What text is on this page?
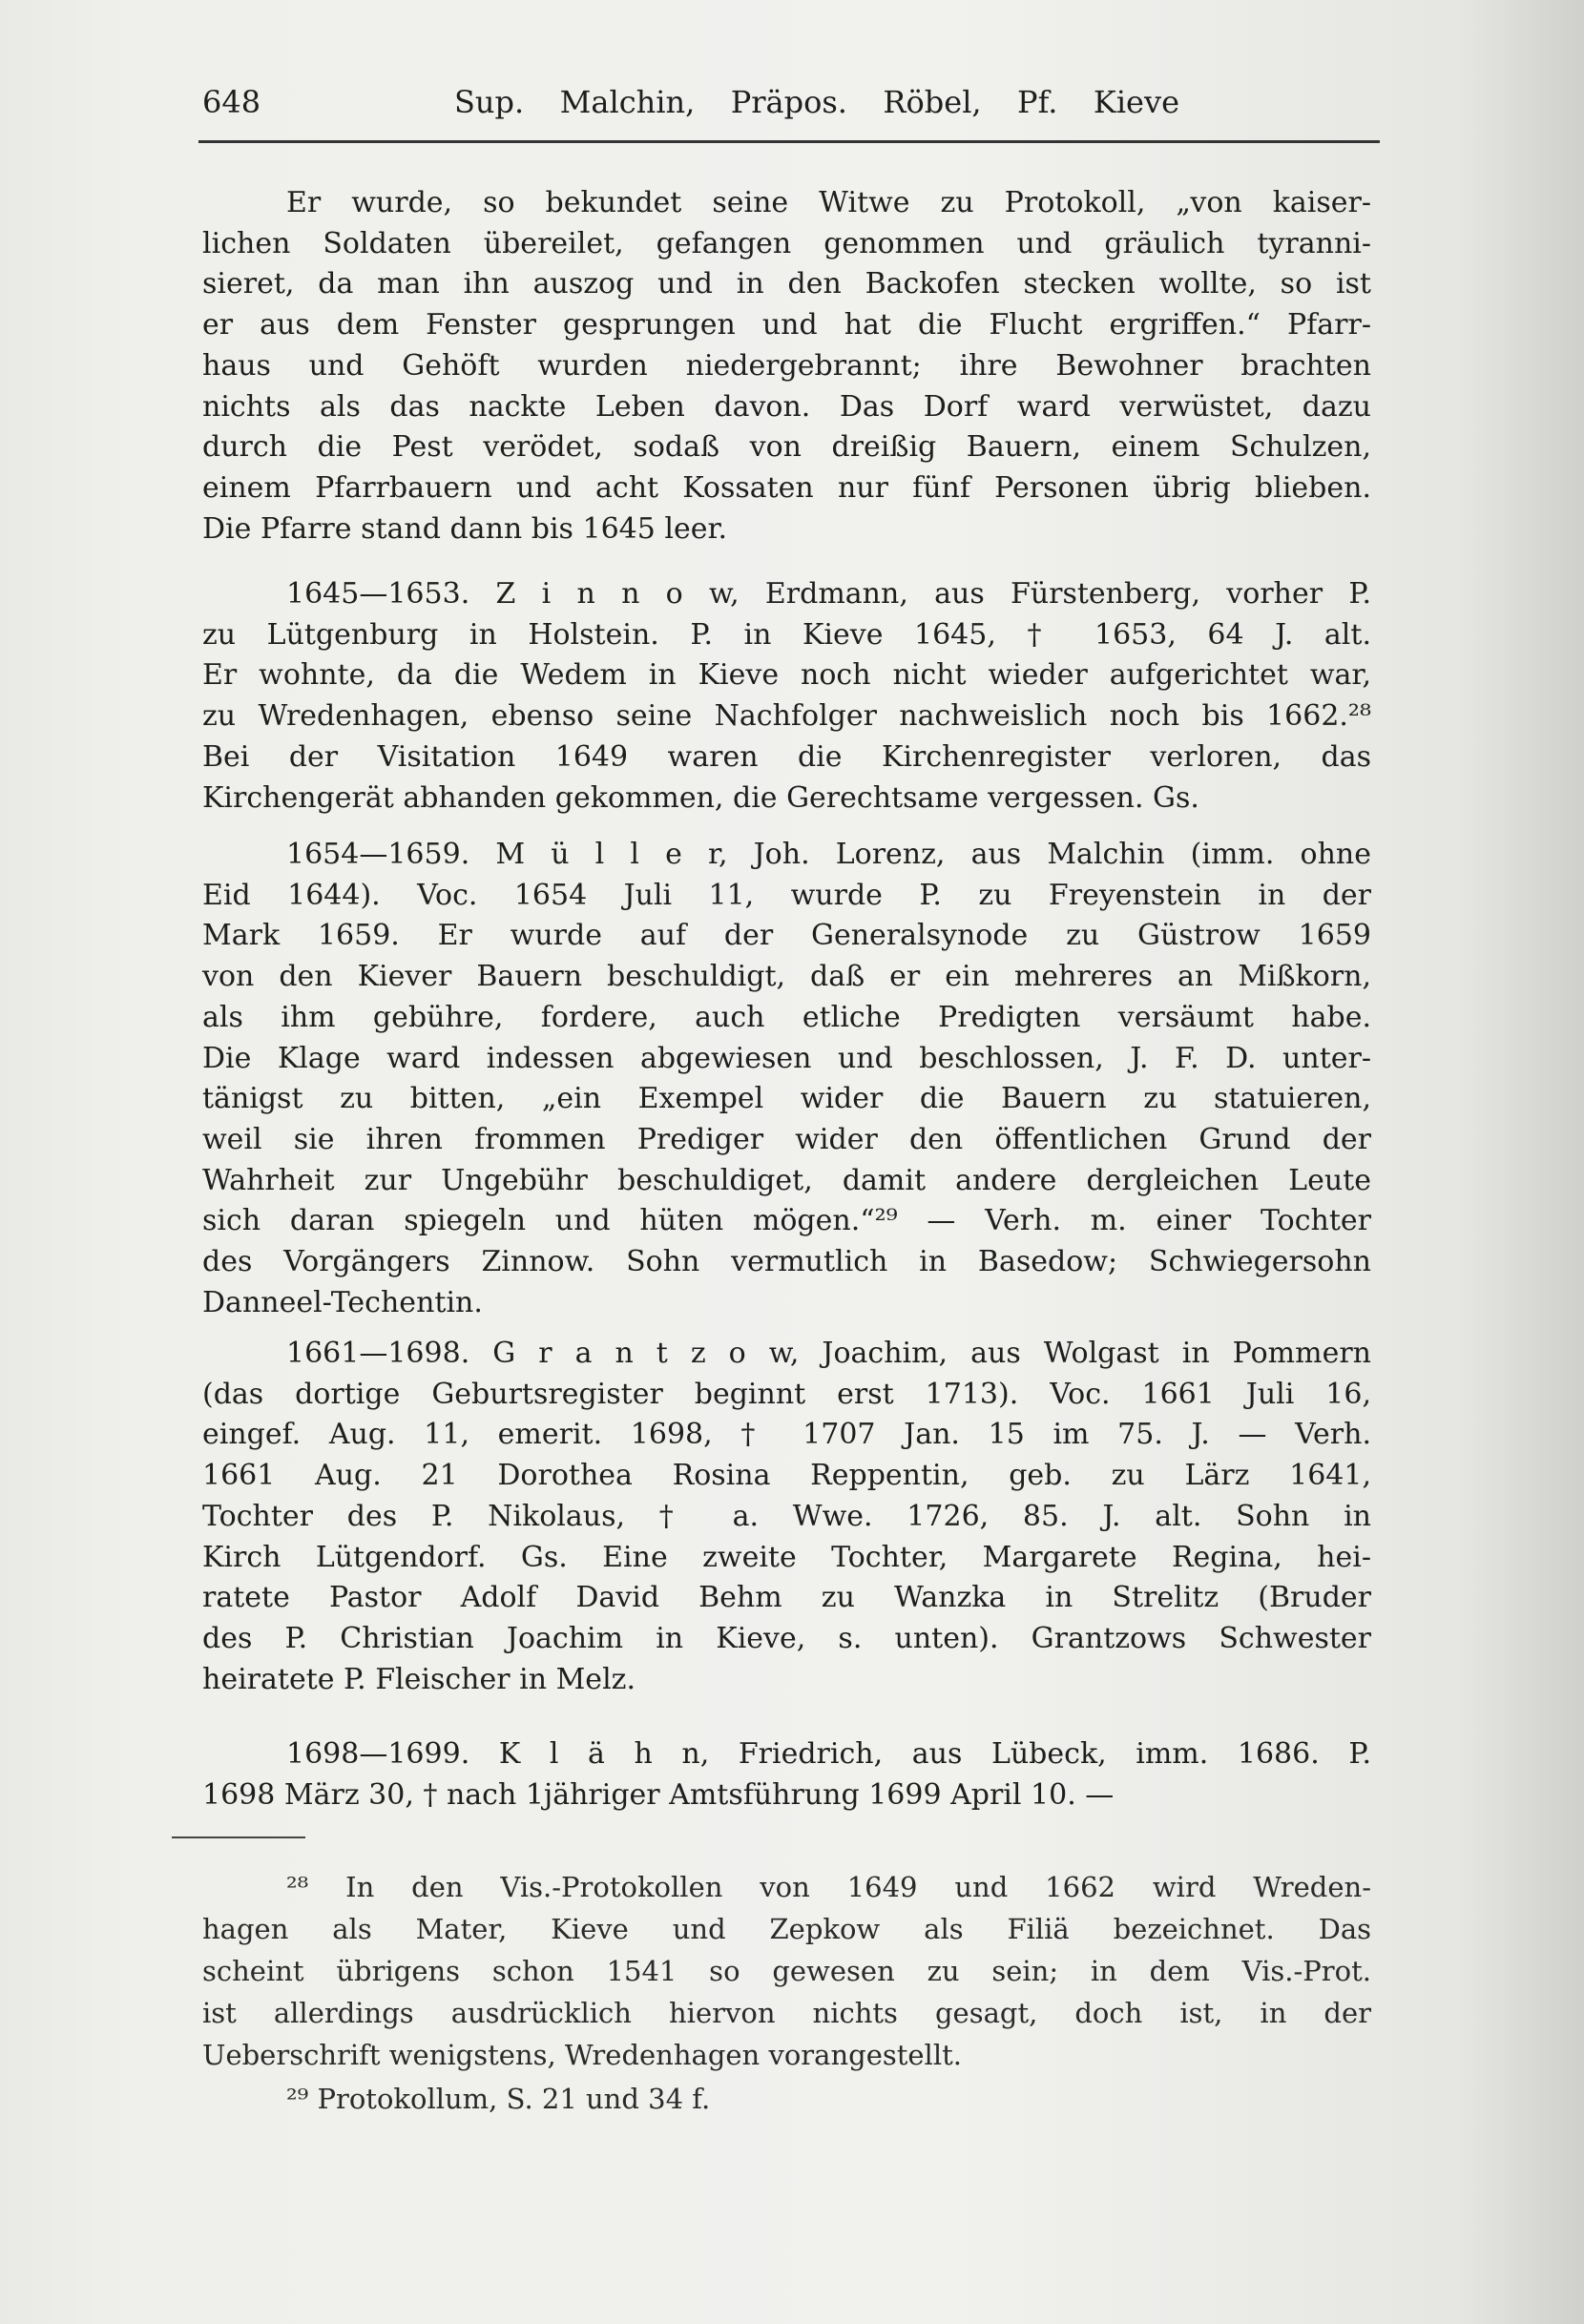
648	Sup. Malchin, Präpos. Röbel, Pf. Kieve
Er wurde, so bekundet seine Witwe zu Protokoll, „von kaiser-
lichen Soldaten übereilet, gefangen genommen und gräulich tyranni-
sieret, da man ihn auszog und in den Backofen stecken wollte, so ist
er aus dem Fenster gesprungen und hat die Flucht ergriffen.“ Pfarr-
haus und Gehöft wurden niedergebrannt; ihre Bewohner brachten
nichts als das nackte Leben davon. Das Dorf ward verwüstet, dazu
durch die Pest verödet, sodaß von dreißig Bauern, einem Schulzen,
einem Pfarrbauern und acht Kossaten nur fünf Personen übrig blieben.
Die Pfarre stand dann bis 1645 leer.
1645—1653. Z i n n o w, Erdmann, aus Fürstenberg, vorher P.
zu Lütgenburg in Holstein. P. in Kieve 1645, † 1653, 64 J. alt.
Er wohnte, da die Wedem in Kieve noch nicht wieder aufgerichtet war,
zu Wredenhagen, ebenso seine Nachfolger nachweislich noch bis 1662.²⁸
Bei der Visitation 1649 waren die Kirchenregister verloren, das
Kirchengerät abhanden gekommen, die Gerechtsame vergessen. Gs.
1654—1659. M ü l l e r, Joh. Lorenz, aus Malchin (imm. ohne
Eid 1644). Voc. 1654 Juli 11, wurde P. zu Freyenstein in der
Mark 1659. Er wurde auf der Generalsynode zu Güstrow 1659
von den Kiever Bauern beschuldigt, daß er ein mehreres an Mißkorn,
als ihm gebühre, fordere, auch etliche Predigten versäumt habe.
Die Klage ward indessen abgewiesen und beschlossen, J. F. D. unter-
tänigst zu bitten, „ein Exempel wider die Bauern zu statuieren,
weil sie ihren frommen Prediger wider den öffentlichen Grund der
Wahrheit zur Ungebühr beschuldiget, damit andere dergleichen Leute
sich daran spiegeln und hüten mögen.“²⁹ — Verh. m. einer Tochter
des Vorgängers Zinnow. Sohn vermutlich in Basedow; Schwiegersohn
Danneel-Techentin.
1661—1698. G r a n t z o w, Joachim, aus Wolgast in Pommern
(das dortige Geburtsregister beginnt erst 1713). Voc. 1661 Juli 16,
eingef. Aug. 11, emerit. 1698, † 1707 Jan. 15 im 75. J. — Verh.
1661 Aug. 21 Dorothea Rosina Reppentin, geb. zu Lärz 1641,
Tochter des P. Nikolaus, † a. Wwe. 1726, 85. J. alt. Sohn in
Kirch Lütgendorf. Gs. Eine zweite Tochter, Margarete Regina, hei-
ratete Pastor Adolf David Behm zu Wanzka in Strelitz (Bruder
des P. Christian Joachim in Kieve, s. unten). Grantzows Schwester
heiratete P. Fleischer in Melz.
1698—1699. K l ä h n, Friedrich, aus Lübeck, imm. 1686. P.
1698 März 30, † nach 1jähriger Amtsführung 1699 April 10. —
²⁸ In den Vis.-Protokollen von 1649 und 1662 wird Wreden-
hagen als Mater, Kieve und Zepkow als Filiä bezeichnet. Das
scheint übrigens schon 1541 so gewesen zu sein; in dem Vis.-Prot.
ist allerdings ausdrücklich hiervon nichts gesagt, doch ist, in der
Ueberschrift wenigstens, Wredenhagen vorangestellt.
²⁹ Protokollum, S. 21 und 34 f.
